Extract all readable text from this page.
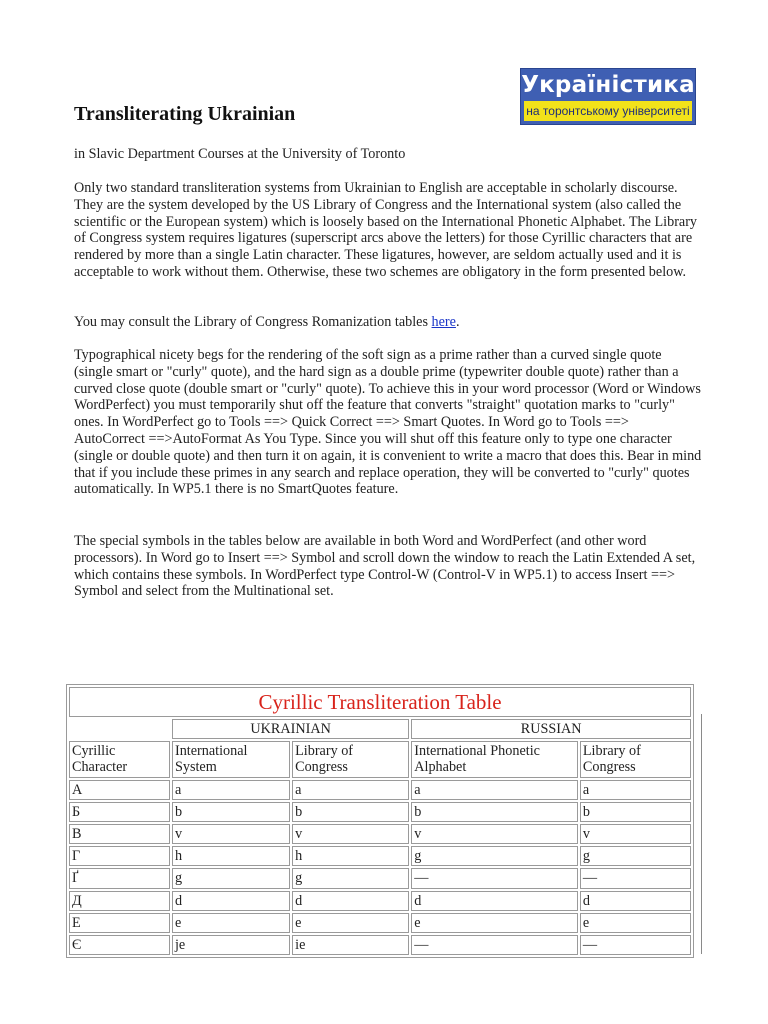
Україністика
на торонтському університеті
Transliterating Ukrainian

in Slavic Department Courses at the University of Toronto

Only two standard transliteration systems from Ukrainian to English are acceptable in scholarly discourse. They are the system developed by the US Library of Congress and the International system (also called the scientific or the European system) which is loosely based on the International Phonetic Alphabet. The Library of Congress system requires ligatures (superscript arcs above the letters) for those Cyrillic characters that are rendered by more than a single Latin character. These ligatures, however, are seldom actually used and it is acceptable to work without them. Otherwise, these two schemes are obligatory in the form presented below.

You may consult the Library of Congress Romanization tables here.

Typographical nicety begs for the rendering of the soft sign as a prime rather than a curved single quote (single smart or "curly" quote), and the hard sign as a double prime (typewriter double quote) rather than a curved close quote (double smart or "curly" quote). To achieve this in your word processor (Word or Windows WordPerfect) you must temporarily shut off the feature that converts "straight" quotation marks to "curly" ones. In WordPerfect go to Tools ==> Quick Correct ==> Smart Quotes. In Word go to Tools ==> AutoCorrect ==>AutoFormat As You Type. Since you will shut off this feature only to type one character (single or double quote) and then turn it on again, it is convenient to write a macro that does this. Bear in mind that if you include these primes in any search and replace operation, they will be converted to "curly" quotes automatically. In WP5.1 there is no SmartQuotes feature.

The special symbols in the tables below are available in both Word and WordPerfect (and other word processors). In Word go to Insert ==> Symbol and scroll down the window to reach the Latin Extended A set, which contains these symbols. In WordPerfect type Control-W (Control-V in WP5.1) to access Insert ==> Symbol and select from the Multinational set.

Cyrillic Transliteration Table				
	UKRAINIAN		RUSSIAN	
Cyrillic Character	International System	Library of Congress	International Phonetic Alphabet	Library of Congress
А	a	a	a	a
Б	b	b	b	b
В	v	v	v	v
Г	h	h	g	g
Ґ	g	g	—	—
Д	d	d	d	d
Е	e	e	e	e
Є	je	ie	—	—
